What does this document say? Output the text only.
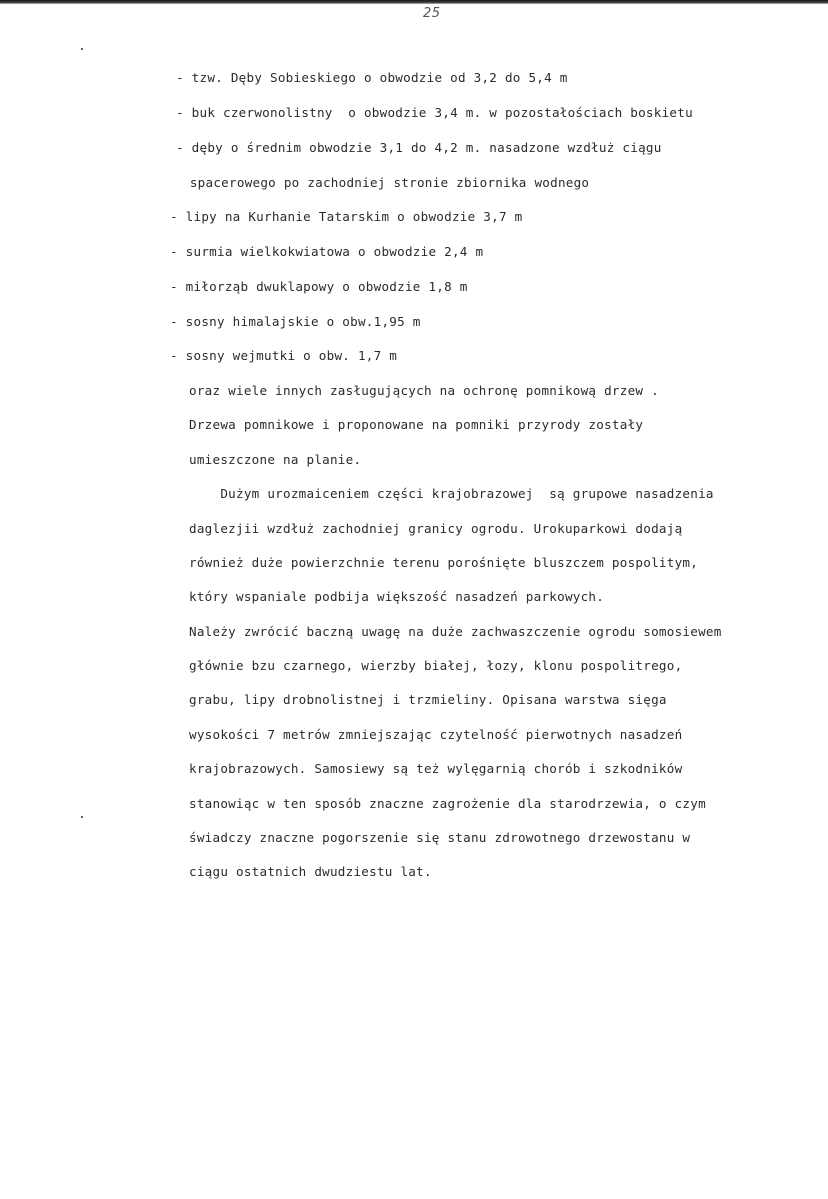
25
- tzw. Dęby Sobieskiego o obwodzie od 3,2 do 5,4 m
- buk czerwonolistny  o obwodzie 3,4 m. w pozostałościach boskietu
- dęby o średnim obwodzie 3,1 do 4,2 m. nasadzone wzdłuż ciągu
spacerowego po zachodniej stronie zbiornika wodnego
- lipy na Kurhanie Tatarskim o obwodzie 3,7 m
- surmia wielkokwiatowa o obwodzie 2,4 m
- miłorząb dwuklapowy o obwodzie 1,8 m
- sosny himalajskie o obw.1,95 m
- sosny wejmutki o obw. 1,7 m
oraz wiele innych zasługujących na ochronę pomnikową drzew .
Drzewa pomnikowe i proponowane na pomniki przyrody zostały
umieszczone na planie.
Dużym urozmaiceniem części krajobrazowej  są grupowe nasadzenia
daglezjii wzdłuż zachodniej granicy ogrodu. Urokuparkowi dodają
również duże powierzchnie terenu porośnięte bluszczem pospolitym,
który wspaniale podbija większość nasadzeń parkowych.
Należy zwrócić baczną uwagę na duże zachwaszczenie ogrodu somosiewem
głównie bzu czarnego, wierzby białej, łozy, klonu pospolitrego,
grabu, lipy drobnolistnej i trzmieliny. Opisana warstwa sięga
wysokości 7 metrów zmniejszając czytelność pierwotnych nasadzeń
krajobrazowych. Samosiewy są też wylęgarnią chorób i szkodników
stanowiąc w ten sposób znaczne zagrożenie dla starodrzewia, o czym
świadczy znaczne pogorszenie się stanu zdrowotnego drzewostanu w
ciągu ostatnich dwudziestu lat.
